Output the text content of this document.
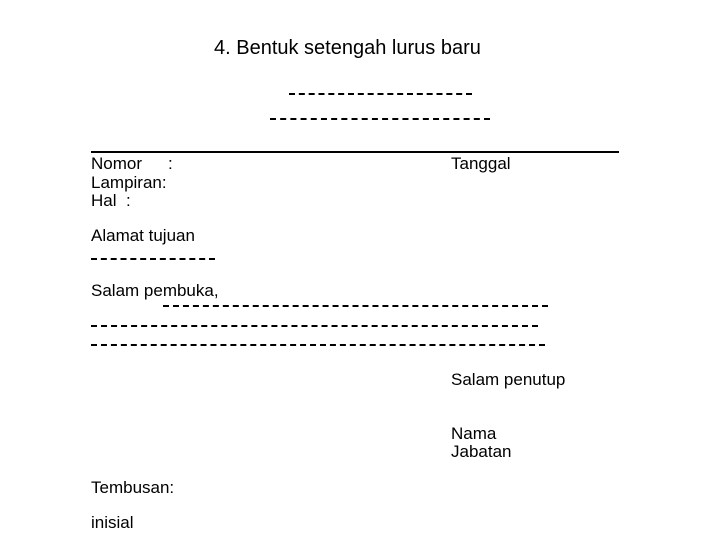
4. Bentuk setengah lurus baru
Nomor :
Lampiran:
Hal  :
Tanggal
Alamat tujuan
Salam pembuka,
Salam penutup
Nama
Jabatan
Tembusan:
inisial
